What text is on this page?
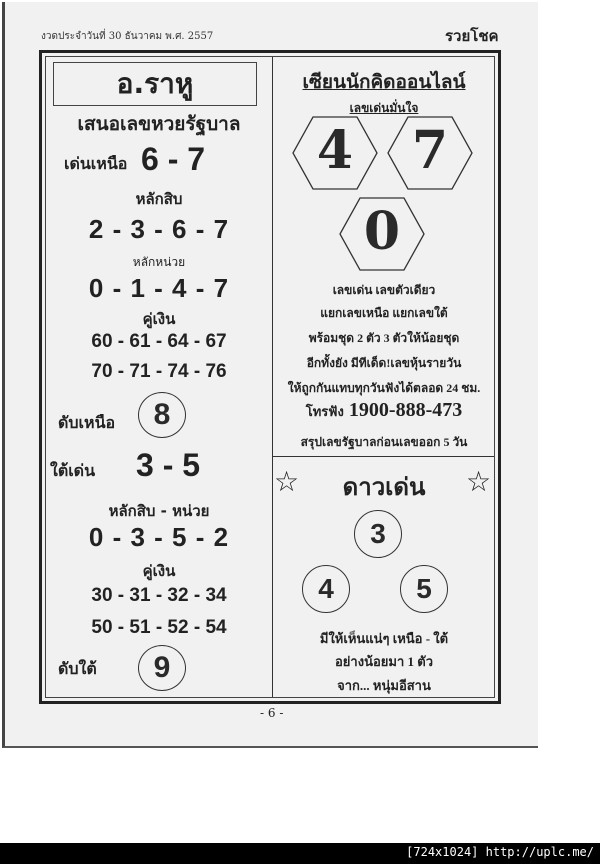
งวดประจำวันที่ 30 ธันวาคม พ.ศ. 2557	รวยโชค
อ.ราหู
เสนอเลขหวยรัฐบาล
เด่นเหนือ 6 - 7
หลักสิบ
2 - 3 - 6 - 7
หลักหน่วย
0 - 1 - 4 - 7
คู่เงิน
60 - 61 - 64 - 67
70 - 71 - 74 - 76
ดับเหนือ	8
ใต้เด่น 3 - 5
หลักสิบ - หน่วย
0 - 3 - 5 - 2
คู่เงิน
30 - 31 - 32 - 34
50 - 51 - 52 - 54
ดับใต้	9
เซียนนักคิดออนไลน์
เลขเด่นมั่นใจ
4	7
0
เลขเด่น เลขตัวเดียว
แยกเลขเหนือ แยกเลขใต้
พร้อมชุด 2 ตัว 3 ตัวให้น้อยชุด
อีกทั้งยัง มีทีเด็ด!เลขหุ้นรายวัน
ให้ถูกกันแทบทุกวันฟังได้ตลอด 24 ชม.
โทรฟัง 1900-888-473
สรุปเลขรัฐบาลก่อนเลขออก 5 วัน
☆	ดาวเด่น	☆
3
4	5
มีให้เห็นแน่ๆ เหนือ - ใต้
อย่างน้อยมา 1 ตัว
จาก... หนุ่มอีสาน
- 6 -
[724x1024] http://uplc.me/
